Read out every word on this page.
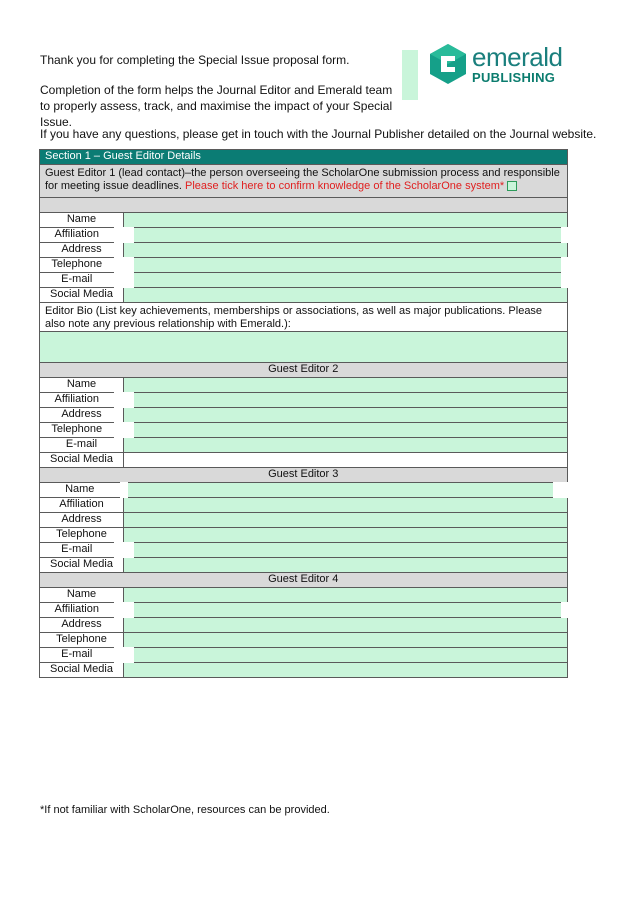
Thank you for completing the Special Issue proposal form.
Completion of the form helps the Journal Editor and Emerald team to properly assess, track, and maximise the impact of your Special Issue.
If you have any questions, please get in touch with the Journal Publisher detailed on the Journal website.
emerald
PUBLISHING
Section 1 – Guest Editor Details	
Guest Editor 1 (lead contact)–the person overseeing the ScholarOne submission process and responsible for meeting issue deadlines. Please tick here to confirm knowledge of the ScholarOne system*	

Name	
Affiliation	
Address	
Telephone	
E-mail	
Social Media	
Editor Bio (List key achievements, memberships or associations, as well as major publications. Please also note any previous relationship with Emerald.):	

Guest Editor 2	
Name	
Affiliation	
Address	
Telephone	
E-mail	
Social Media	
Guest Editor 3	
Name	
Affiliation	
Address	
Telephone	
E-mail	
Social Media	
Guest Editor 4	
Name	
Affiliation	
Address	
Telephone	
E-mail	
Social Media	
*If not familiar with ScholarOne, resources can be provided.
